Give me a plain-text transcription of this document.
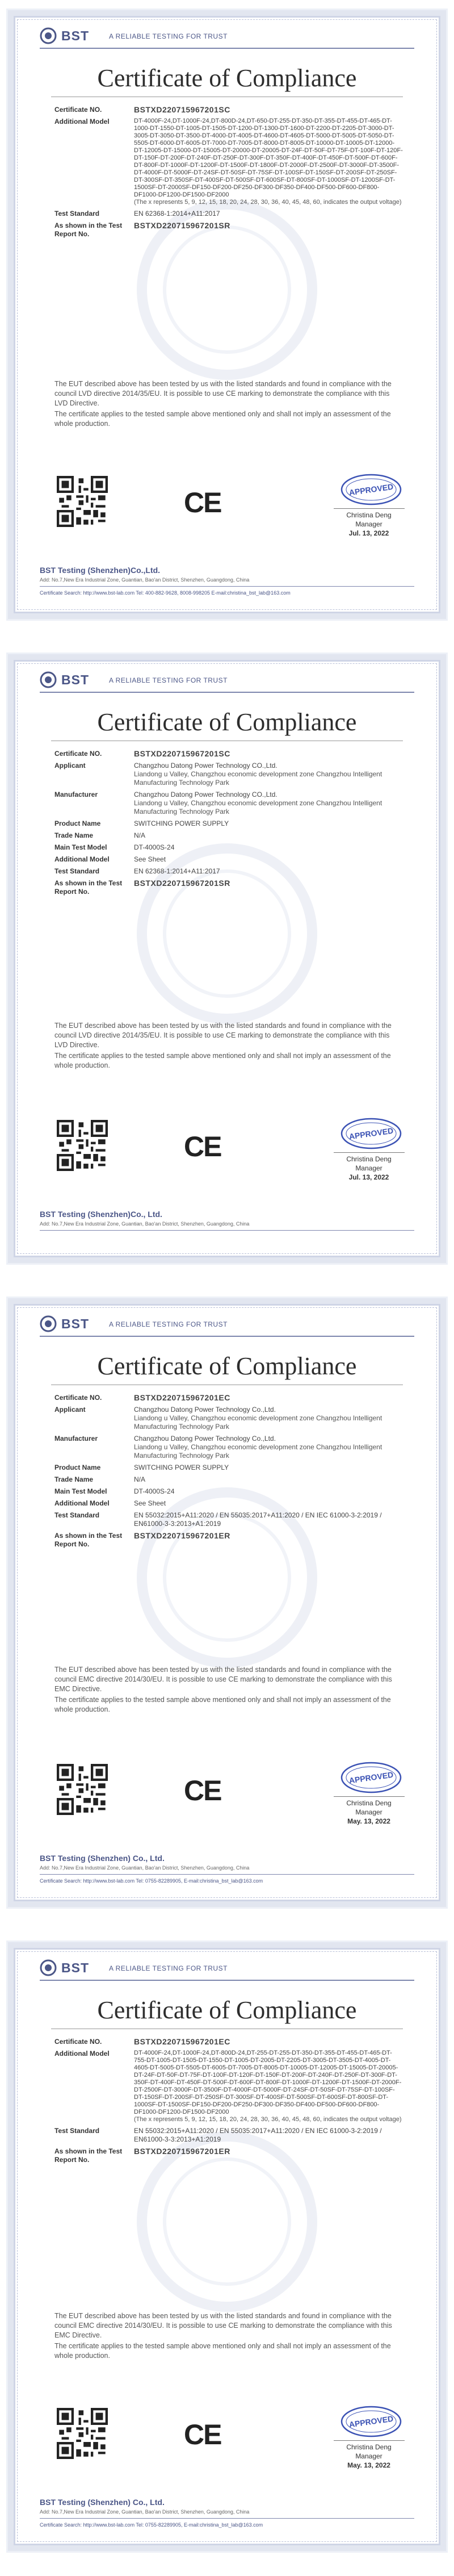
BST	A RELIABLE TESTING FOR TRUST
Certificate of Compliance
Certificate NO.	BSTXD220715967201SC
Additional Model	DT-4000F-24,DT-1000F-24,DT-800D-24,DT-650-DT-255-DT-350-DT-355-DT-455-DT-465-DT-1000-DT-1550-DT-1005-DT-1505-DT-1200-DT-1300-DT-1600-DT-2200-DT-2205-DT-3000-DT-3005-DT-3050-DT-3500-DT-4000-DT-4005-DT-4600-DT-4605-DT-5000-DT-5005-DT-5050-DT-5505-DT-6000-DT-6005-DT-7000-DT-7005-DT-8000-DT-8005-DT-10000-DT-10005-DT-12000-DT-12005-DT-15000-DT-15005-DT-20000-DT-20005-DT-24F-DT-50F-DT-75F-DT-100F-DT-120F-DT-150F-DT-200F-DT-240F-DT-250F-DT-300F-DT-350F-DT-400F-DT-450F-DT-500F-DT-600F-DT-800F-DT-1000F-DT-1200F-DT-1500F-DT-1800F-DT-2000F-DT-2500F-DT-3000F-DT-3500F-DT-4000F-DT-5000F-DT-24SF-DT-50SF-DT-75SF-DT-100SF-DT-150SF-DT-200SF-DT-250SF-DT-300SF-DT-350SF-DT-400SF-DT-500SF-DT-600SF-DT-800SF-DT-1000SF-DT-1200SF-DT-1500SF-DT-2000SF-DF150-DF200-DF250-DF300-DF350-DF400-DF500-DF600-DF800-DF1000-DF1200-DF1500-DF2000
(The x represents 5, 9, 12, 15, 18, 20, 24, 28, 30, 36, 40, 45, 48, 60, indicates the output voltage)
Test Standard	EN 62368-1:2014+A11:2017
As shown in the Test Report No.
BSTXD220715967201SR

The EUT described above has been tested by us with the listed standards and found in compliance with the council LVD directive 2014/35/EU. It is possible to use CE marking to demonstrate the compliance with this LVD Directive.

The certificate applies to the tested sample above mentioned only and shall not imply an assessment of the whole production.

CE	APPROVED
Christina Deng
Manager
Jul. 13, 2022
BST Testing (Shenzhen)Co.,Ltd.
Add: No.7,New Era Industrial Zone, Guantian, Bao'an District, Shenzhen, Guangdong, China
Certificate Search: http://www.bst-lab.com Tel: 400-882-9628, 8008-998205 E-mail:christina_bst_lab@163.com
BST	A RELIABLE TESTING FOR TRUST
Certificate of Compliance
Certificate NO.	BSTXD220715967201SC
Applicant	Changzhou Datong Power Technology CO.,Ltd.
Liandong u Valley, Changzhou economic development zone Changzhou Intelligent Manufacturing Technology Park
Manufacturer	Changzhou Datong Power Technology CO.,Ltd.
Liandong u Valley, Changzhou economic development zone Changzhou Intelligent Manufacturing Technology Park
Product Name	SWITCHING POWER SUPPLY
Trade Name	N/A
Main Test Model	DT-4000S-24
Additional Model	See Sheet
Test Standard	EN 62368-1:2014+A11:2017
As shown in the Test Report No.
BSTXD220715967201SR

The EUT described above has been tested by us with the listed standards and found in compliance with the council LVD directive 2014/35/EU. It is possible to use CE marking to demonstrate the compliance with this LVD Directive.

The certificate applies to the tested sample above mentioned only and shall not imply an assessment of the whole production.

CE	APPROVED
Christina Deng
Manager
Jul. 13, 2022
BST Testing (Shenzhen)Co., Ltd.
Add: No.7,New Era Industrial Zone, Guantian, Bao'an District, Shenzhen, Guangdong, China
BST	A RELIABLE TESTING FOR TRUST
Certificate of Compliance
Certificate NO.	BSTXD220715967201EC
Applicant	Changzhou Datong Power Technology Co.,Ltd.
Liandong u Valley, Changzhou economic development zone Changzhou Intelligent Manufacturing Technology Park
Manufacturer	Changzhou Datong Power Technology Co.,Ltd.
Liandong u Valley, Changzhou economic development zone Changzhou Intelligent Manufacturing Technology Park
Product Name	SWITCHING POWER SUPPLY
Trade Name	N/A
Main Test Model	DT-4000S-24
Additional Model	See Sheet
Test Standard	EN 55032:2015+A11:2020 / EN 55035:2017+A11:2020 / EN IEC 61000-3-2:2019 / EN61000-3-3:2013+A1:2019
As shown in the Test Report No.
BSTXD220715967201ER

The EUT described above has been tested by us with the listed standards and found in compliance with the council EMC directive 2014/30/EU. It is possible to use CE marking to demonstrate the compliance with this EMC Directive.

The certificate applies to the tested sample above mentioned only and shall not imply an assessment of the whole production.

CE	APPROVED
Christina Deng
Manager
May. 13, 2022
BST Testing (Shenzhen) Co., Ltd.
Add: No.7,New Era Industrial Zone, Guantian, Bao'an District, Shenzhen, Guangdong, China
Certificate Search: http://www.bst-lab.com Tel: 0755-82289905, E-mail:christina_bst_lab@163.com
BST	A RELIABLE TESTING FOR TRUST
Certificate of Compliance
Certificate NO.	BSTXD220715967201EC
Additional Model	DT-4000F-24,DT-1000F-24,DT-800D-24,DT-255-DT-255-DT-350-DT-355-DT-455-DT-465-DT-755-DT-1005-DT-1505-DT-1550-DT-1005-DT-2005-DT-2205-DT-3005-DT-3505-DT-4005-DT-4605-DT-5005-DT-5505-DT-6005-DT-7005-DT-8005-DT-10005-DT-12005-DT-15005-DT-20005-DT-24F-DT-50F-DT-75F-DT-100F-DT-120F-DT-150F-DT-200F-DT-240F-DT-250F-DT-300F-DT-350F-DT-400F-DT-450F-DT-500F-DT-600F-DT-800F-DT-1000F-DT-1200F-DT-1500F-DT-2000F-DT-2500F-DT-3000F-DT-3500F-DT-4000F-DT-5000F-DT-24SF-DT-50SF-DT-75SF-DT-100SF-DT-150SF-DT-200SF-DT-250SF-DT-300SF-DT-400SF-DT-500SF-DT-600SF-DT-800SF-DT-1000SF-DT-1500SF-DF150-DF200-DF250-DF300-DF350-DF400-DF500-DF600-DF800-DF1000-DF1200-DF1500-DF2000
(The x represents 5, 9, 12, 15, 18, 20, 24, 28, 30, 36, 40, 45, 48, 60, indicates the output voltage)
Test Standard	EN 55032:2015+A11:2020 / EN 55035:2017+A11:2020 / EN IEC 61000-3-2:2019 / EN61000-3-3:2013+A1:2019
As shown in the Test Report No.
BSTXD220715967201ER

The EUT described above has been tested by us with the listed standards and found in compliance with the council EMC directive 2014/30/EU. It is possible to use CE marking to demonstrate the compliance with this EMC Directive.

The certificate applies to the tested sample above mentioned only and shall not imply an assessment of the whole production.

CE	APPROVED
Christina Deng
Manager
May. 13, 2022
BST Testing (Shenzhen) Co., Ltd.
Add: No.7,New Era Industrial Zone, Guantian, Bao'an District, Shenzhen, Guangdong, China
Certificate Search: http://www.bst-lab.com Tel: 0755-82289905, E-mail:christina_bst_lab@163.com
